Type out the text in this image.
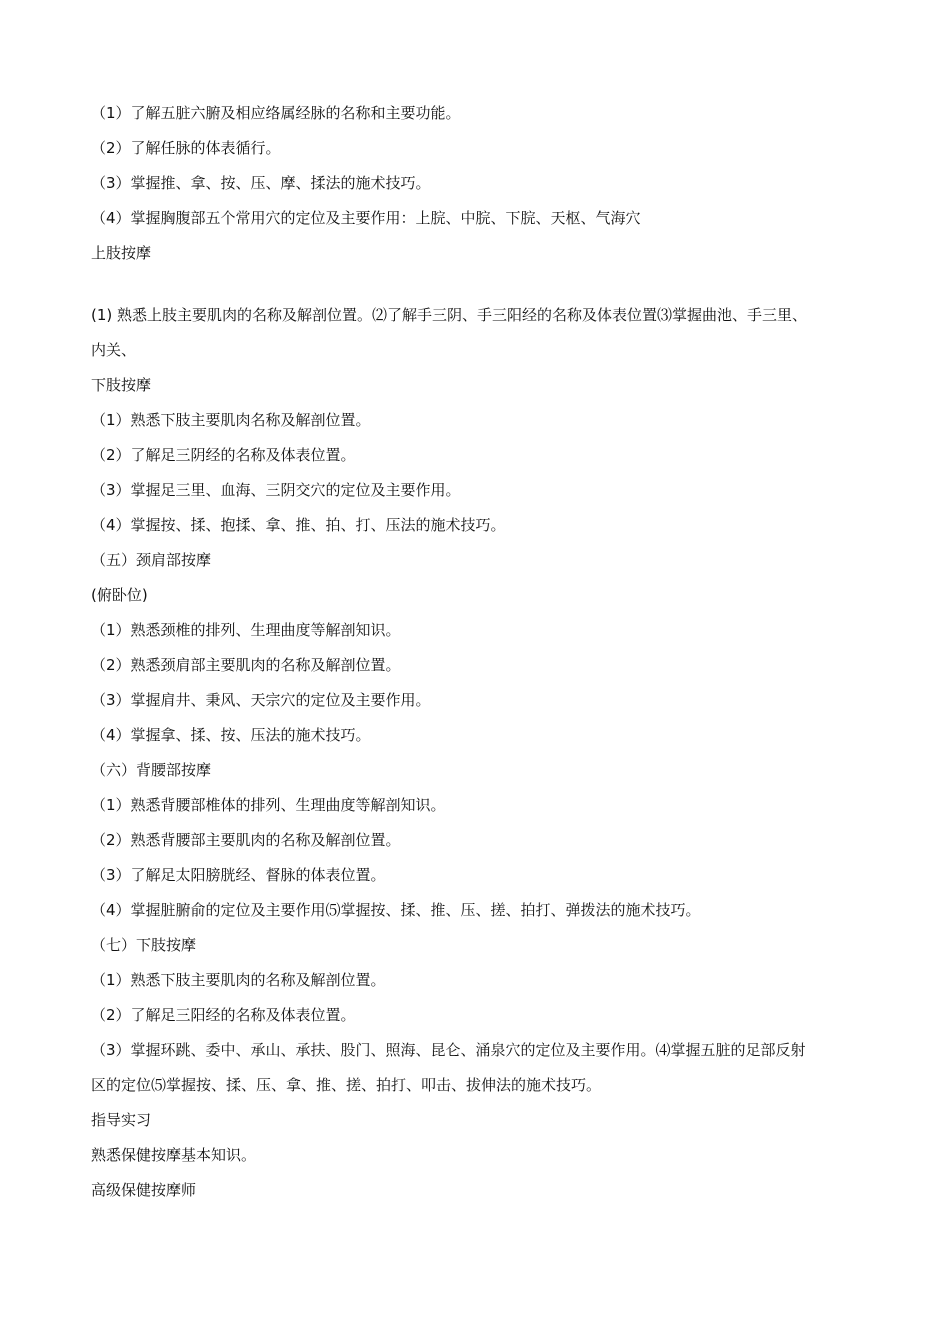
（1）了解五脏六腑及相应络属经脉的名称和主要功能。
（2）了解任脉的体表循行。
（3）掌握推、拿、按、压、摩、揉法的施术技巧。
（4）掌握胸腹部五个常用穴的定位及主要作用：上脘、中脘、下脘、天枢、气海穴
上肢按摩
(1) 熟悉上肢主要肌肉的名称及解剖位置。⑵了解手三阴、手三阳经的名称及体表位置⑶掌握曲池、手三里、内关、
下肢按摩
（1）熟悉下肢主要肌肉名称及解剖位置。
（2）了解足三阴经的名称及体表位置。
（3）掌握足三里、血海、三阴交穴的定位及主要作用。
（4）掌握按、揉、抱揉、拿、推、拍、打、压法的施术技巧。
（五）颈肩部按摩
(俯卧位)
（1）熟悉颈椎的排列、生理曲度等解剖知识。
（2）熟悉颈肩部主要肌肉的名称及解剖位置。
（3）掌握肩井、秉风、天宗穴的定位及主要作用。
（4）掌握拿、揉、按、压法的施术技巧。
（六）背腰部按摩
（1）熟悉背腰部椎体的排列、生理曲度等解剖知识。
（2）熟悉背腰部主要肌肉的名称及解剖位置。
（3）了解足太阳膀胱经、督脉的体表位置。
（4）掌握脏腑俞的定位及主要作用⑸掌握按、揉、推、压、搓、拍打、弹拨法的施术技巧。
（七）下肢按摩
（1）熟悉下肢主要肌肉的名称及解剖位置。
（2）了解足三阳经的名称及体表位置。
（3）掌握环跳、委中、承山、承扶、股门、照海、昆仑、涌泉穴的定位及主要作用。⑷掌握五脏的足部反射区的定位⑸掌握按、揉、压、拿、推、搓、拍打、叩击、拔伸法的施术技巧。
指导实习
熟悉保健按摩基本知识。
高级保健按摩师
